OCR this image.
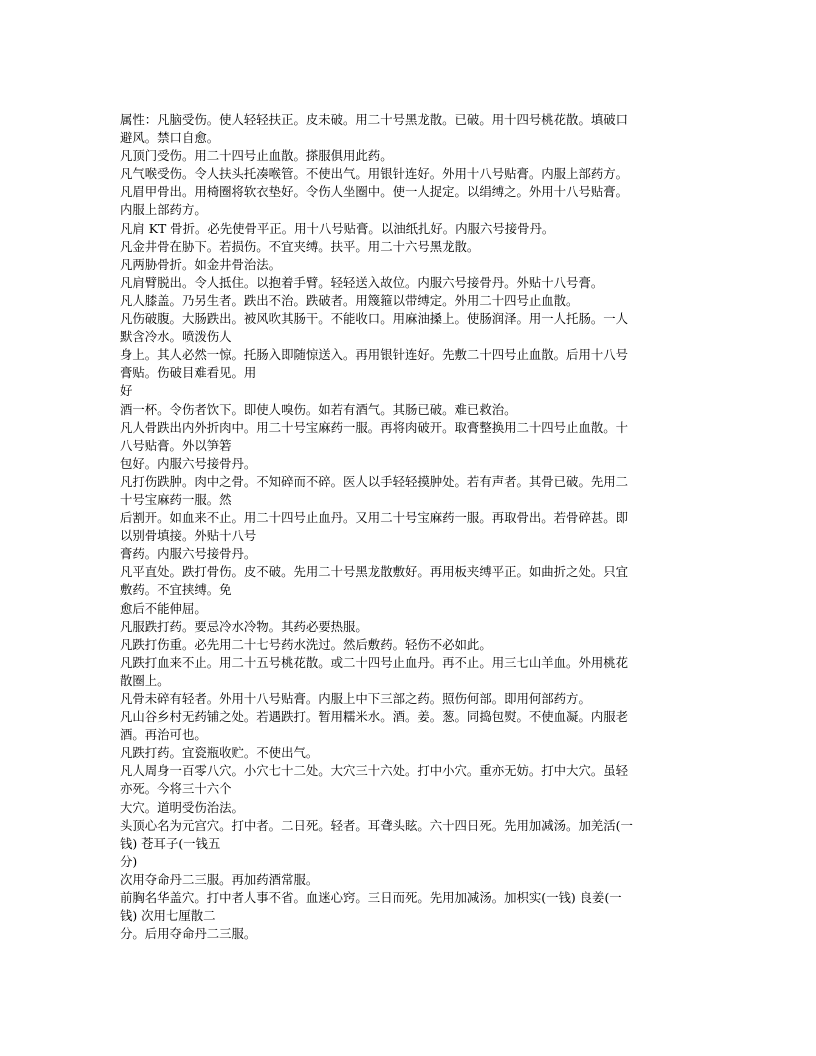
属性：凡脑受伤。使人轻轻扶正。皮未破。用二十号黑龙散。已破。用十四号桃花散。填破口
避风。禁口自愈。
凡顶门受伤。用二十四号止血散。搽服俱用此药。
凡气喉受伤。令人扶头托凑喉管。不使出气。用银针连好。外用十八号贴膏。内服上部药方。
凡眉甲骨出。用椅圈将软衣垫好。令伤人坐圈中。使一人捉定。以绢缚之。外用十八号贴膏。
内服上部药方。
凡肩 KT 骨折。必先使骨平正。用十八号贴膏。以油纸扎好。内服六号接骨丹。
凡金井骨在胁下。若损伤。不宜夹缚。扶平。用二十六号黑龙散。
凡两胁骨折。如金井骨治法。
凡肩臂脱出。令人抵住。以抱着手臂。轻轻送入故位。内服六号接骨丹。外贴十八号膏。
凡人膝盖。乃另生者。跌出不治。跌破者。用篾箍以带缚定。外用二十四号止血散。
凡伤破腹。大肠跌出。被风吹其肠干。不能收口。用麻油搡上。使肠润泽。用一人托肠。一人
默含冷水。喷泼伤人
身上。其人必然一惊。托肠入即随惊送入。再用银针连好。先敷二十四号止血散。后用十八号
膏贴。伤破目难看见。用
好
酒一杯。令伤者饮下。即使人嗅伤。如若有酒气。其肠已破。难已救治。
凡人骨跌出内外折肉中。用二十号宝麻药一服。再将肉破开。取膏整换用二十四号止血散。十
八号贴膏。外以笋箬
包好。内服六号接骨丹。
凡打伤跌肿。肉中之骨。不知碎而不碎。医人以手轻轻摸肿处。若有声者。其骨已破。先用二
十号宝麻药一服。然
后割开。如血来不止。用二十四号止血丹。又用二十号宝麻药一服。再取骨出。若骨碎甚。即
以别骨填接。外贴十八号
膏药。内服六号接骨丹。
凡平直处。跌打骨伤。皮不破。先用二十号黑龙散敷好。再用板夹缚平正。如曲折之处。只宜
敷药。不宜挟缚。免
愈后不能伸屈。
凡服跌打药。要忌冷水冷物。其药必要热服。
凡跌打伤重。必先用二十七号药水洗过。然后敷药。轻伤不必如此。
凡跌打血来不止。用二十五号桃花散。或二十四号止血丹。再不止。用三七山羊血。外用桃花
散圈上。
凡骨未碎有轻者。外用十八号贴膏。内服上中下三部之药。照伤何部。即用何部药方。
凡山谷乡村无药铺之处。若遇跌打。暂用糯米水。酒。姜。葱。同捣包熨。不使血凝。内服老
酒。再治可也。
凡跌打药。宜瓷瓶收贮。不使出气。
凡人周身一百零八穴。小穴七十二处。大穴三十六处。打中小穴。重亦无妨。打中大穴。虽轻
亦死。今将三十六个
大穴。道明受伤治法。
头顶心名为元宫穴。打中者。二日死。轻者。耳聋头眩。六十四日死。先用加减汤。加羌活(一
钱) 苍耳子(一钱五
分)
次用夺命丹二三服。再加药酒常服。
前胸名华盖穴。打中者人事不省。血迷心窍。三日而死。先用加减汤。加枳实(一钱) 良姜(一
钱) 次用七厘散二
分。后用夺命丹二三服。
